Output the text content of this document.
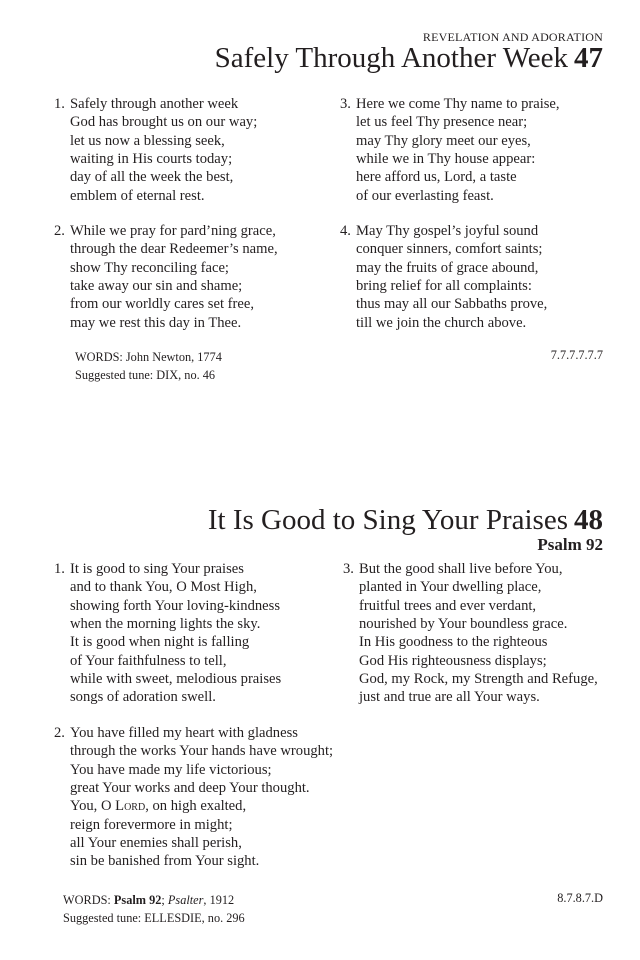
REVELATION AND ADORATION
Safely Through Another Week 47
1. Safely through another week
God has brought us on our way;
let us now a blessing seek,
waiting in His courts today;
day of all the week the best,
emblem of eternal rest.
2. While we pray for pard’ning grace,
through the dear Redeemer’s name,
show Thy reconciling face;
take away our sin and shame;
from our worldly cares set free,
may we rest this day in Thee.
3. Here we come Thy name to praise,
let us feel Thy presence near;
may Thy glory meet our eyes,
while we in Thy house appear:
here afford us, Lord, a taste
of our everlasting feast.
4. May Thy gospel’s joyful sound
conquer sinners, comfort saints;
may the fruits of grace abound,
bring relief for all complaints:
thus may all our Sabbaths prove,
till we join the church above.
WORDS: John Newton, 1774
Suggested tune: DIX, no. 46
7.7.7.7.7.7
It Is Good to Sing Your Praises 48
Psalm 92
1. It is good to sing Your praises
and to thank You, O Most High,
showing forth Your loving-kindness
when the morning lights the sky.
It is good when night is falling
of Your faithfulness to tell,
while with sweet, melodious praises
songs of adoration swell.
2. You have filled my heart with gladness
through the works Your hands have wrought;
You have made my life victorious;
great Your works and deep Your thought.
You, O Lord, on high exalted,
reign forevermore in might;
all Your enemies shall perish,
sin be banished from Your sight.
3. But the good shall live before You,
planted in Your dwelling place,
fruitful trees and ever verdant,
nourished by Your boundless grace.
In His goodness to the righteous
God His righteousness displays;
God, my Rock, my Strength and Refuge,
just and true are all Your ways.
WORDS: Psalm 92; Psalter, 1912
Suggested tune: ELLESDIE, no. 296
8.7.8.7.D
